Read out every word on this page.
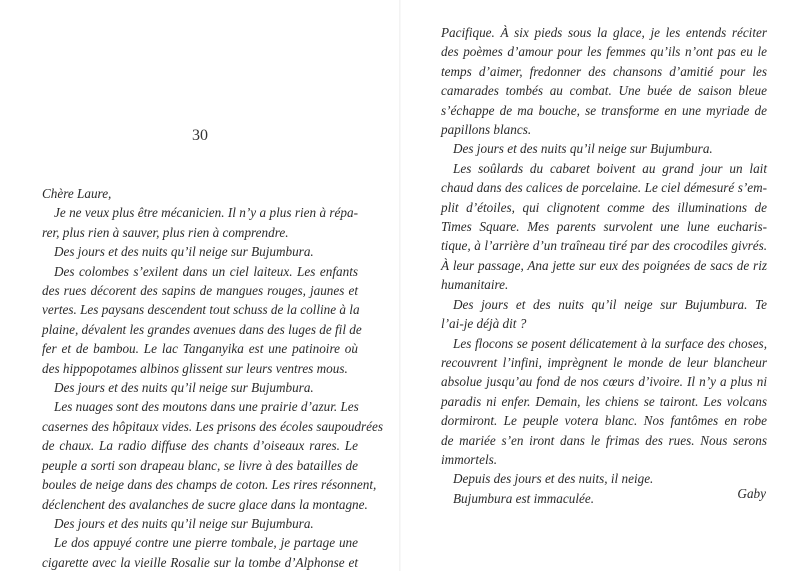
30
Chère Laure,
Je ne veux plus être mécanicien. Il n’y a plus rien à répa-
rer, plus rien à sauver, plus rien à comprendre.
Des jours et des nuits qu’il neige sur Bujumbura.
Des colombes s’exilent dans un ciel laiteux. Les enfants
des rues décorent des sapins de mangues rouges, jaunes et
vertes. Les paysans descendent tout schuss de la colline à la
plaine, dévalent les grandes avenues dans des luges de fil de
fer et de bambou. Le lac Tanganyika est une patinoire où
des hippopotames albinos glissent sur leurs ventres mous.
Des jours et des nuits qu’il neige sur Bujumbura.
Les nuages sont des moutons dans une prairie d’azur. Les
casernes des hôpitaux vides. Les prisons des écoles saupoudrées
de chaux. La radio diffuse des chants d’oiseaux rares. Le
peuple a sorti son drapeau blanc, se livre à des batailles de
boules de neige dans des champs de coton. Les rires résonnent,
déclenchent des avalanches de sucre glace dans la montagne.
Des jours et des nuits qu’il neige sur Bujumbura.
Le dos appuyé contre une pierre tombale, je partage une
cigarette avec la vieille Rosalie sur la tombe d’Alphonse et
Pacifique. À six pieds sous la glace, je les entends réciter
des poèmes d’amour pour les femmes qu’ils n’ont pas eu le
temps d’aimer, fredonner des chansons d’amitié pour les
camarades tombés au combat. Une buée de saison bleue
s’échappe de ma bouche, se transforme en une myriade de
papillons blancs.
Des jours et des nuits qu’il neige sur Bujumbura.
Les soûlards du cabaret boivent au grand jour un lait
chaud dans des calices de porcelaine. Le ciel démesuré s’em-
plit d’étoiles, qui clignotent comme des illuminations de
Times Square. Mes parents survolent une lune eucharis-
tique, à l’arrière d’un traîneau tiré par des crocodiles givrés.
À leur passage, Ana jette sur eux des poignées de sacs de riz
humanitaire.
Des jours et des nuits qu’il neige sur Bujumbura. Te
l’ai-je déjà dit ?
Les flocons se posent délicatement à la surface des choses,
recouvrent l’infini, imprègnent le monde de leur blancheur
absolue jusqu’au fond de nos cœurs d’ivoire. Il n’y a plus ni
paradis ni enfer. Demain, les chiens se tairont. Les volcans
dormiront. Le peuple votera blanc. Nos fantômes en robe
de mariée s’en iront dans le frimas des rues. Nous serons
immortels.
Depuis des jours et des nuits, il neige.
Bujumbura est immaculée.	Gaby
